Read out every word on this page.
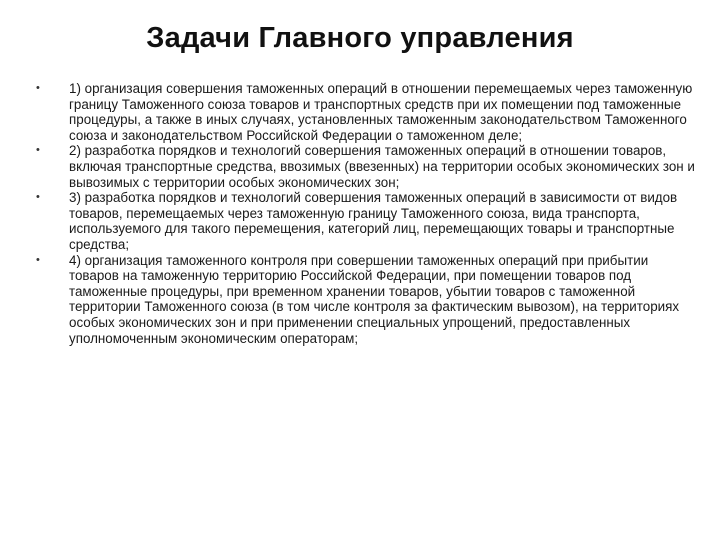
Задачи Главного управления
• 1) организация совершения таможенных операций в отношении перемещаемых через таможенную границу Таможенного союза товаров и транспортных средств при их помещении под таможенные процедуры, а также в иных случаях, установленных таможенным законодательством Таможенного союза и законодательством Российской Федерации о таможенном деле;
• 2) разработка порядков и технологий совершения таможенных операций в отношении товаров, включая транспортные средства, ввозимых (ввезенных) на территории особых экономических зон и вывозимых с территории особых экономических зон;
• 3) разработка порядков и технологий совершения таможенных операций в зависимости от видов товаров, перемещаемых через таможенную границу Таможенного союза, вида транспорта, используемого для такого перемещения, категорий лиц, перемещающих товары и транспортные средства;
• 4) организация таможенного контроля при совершении таможенных операций при прибытии товаров на таможенную территорию Российской Федерации, при помещении товаров под таможенные процедуры, при временном хранении товаров, убытии товаров с таможенной территории Таможенного союза (в том числе контроля за фактическим вывозом), на территориях особых экономических зон и при применении специальных упрощений, предоставленных уполномоченным экономическим операторам;
